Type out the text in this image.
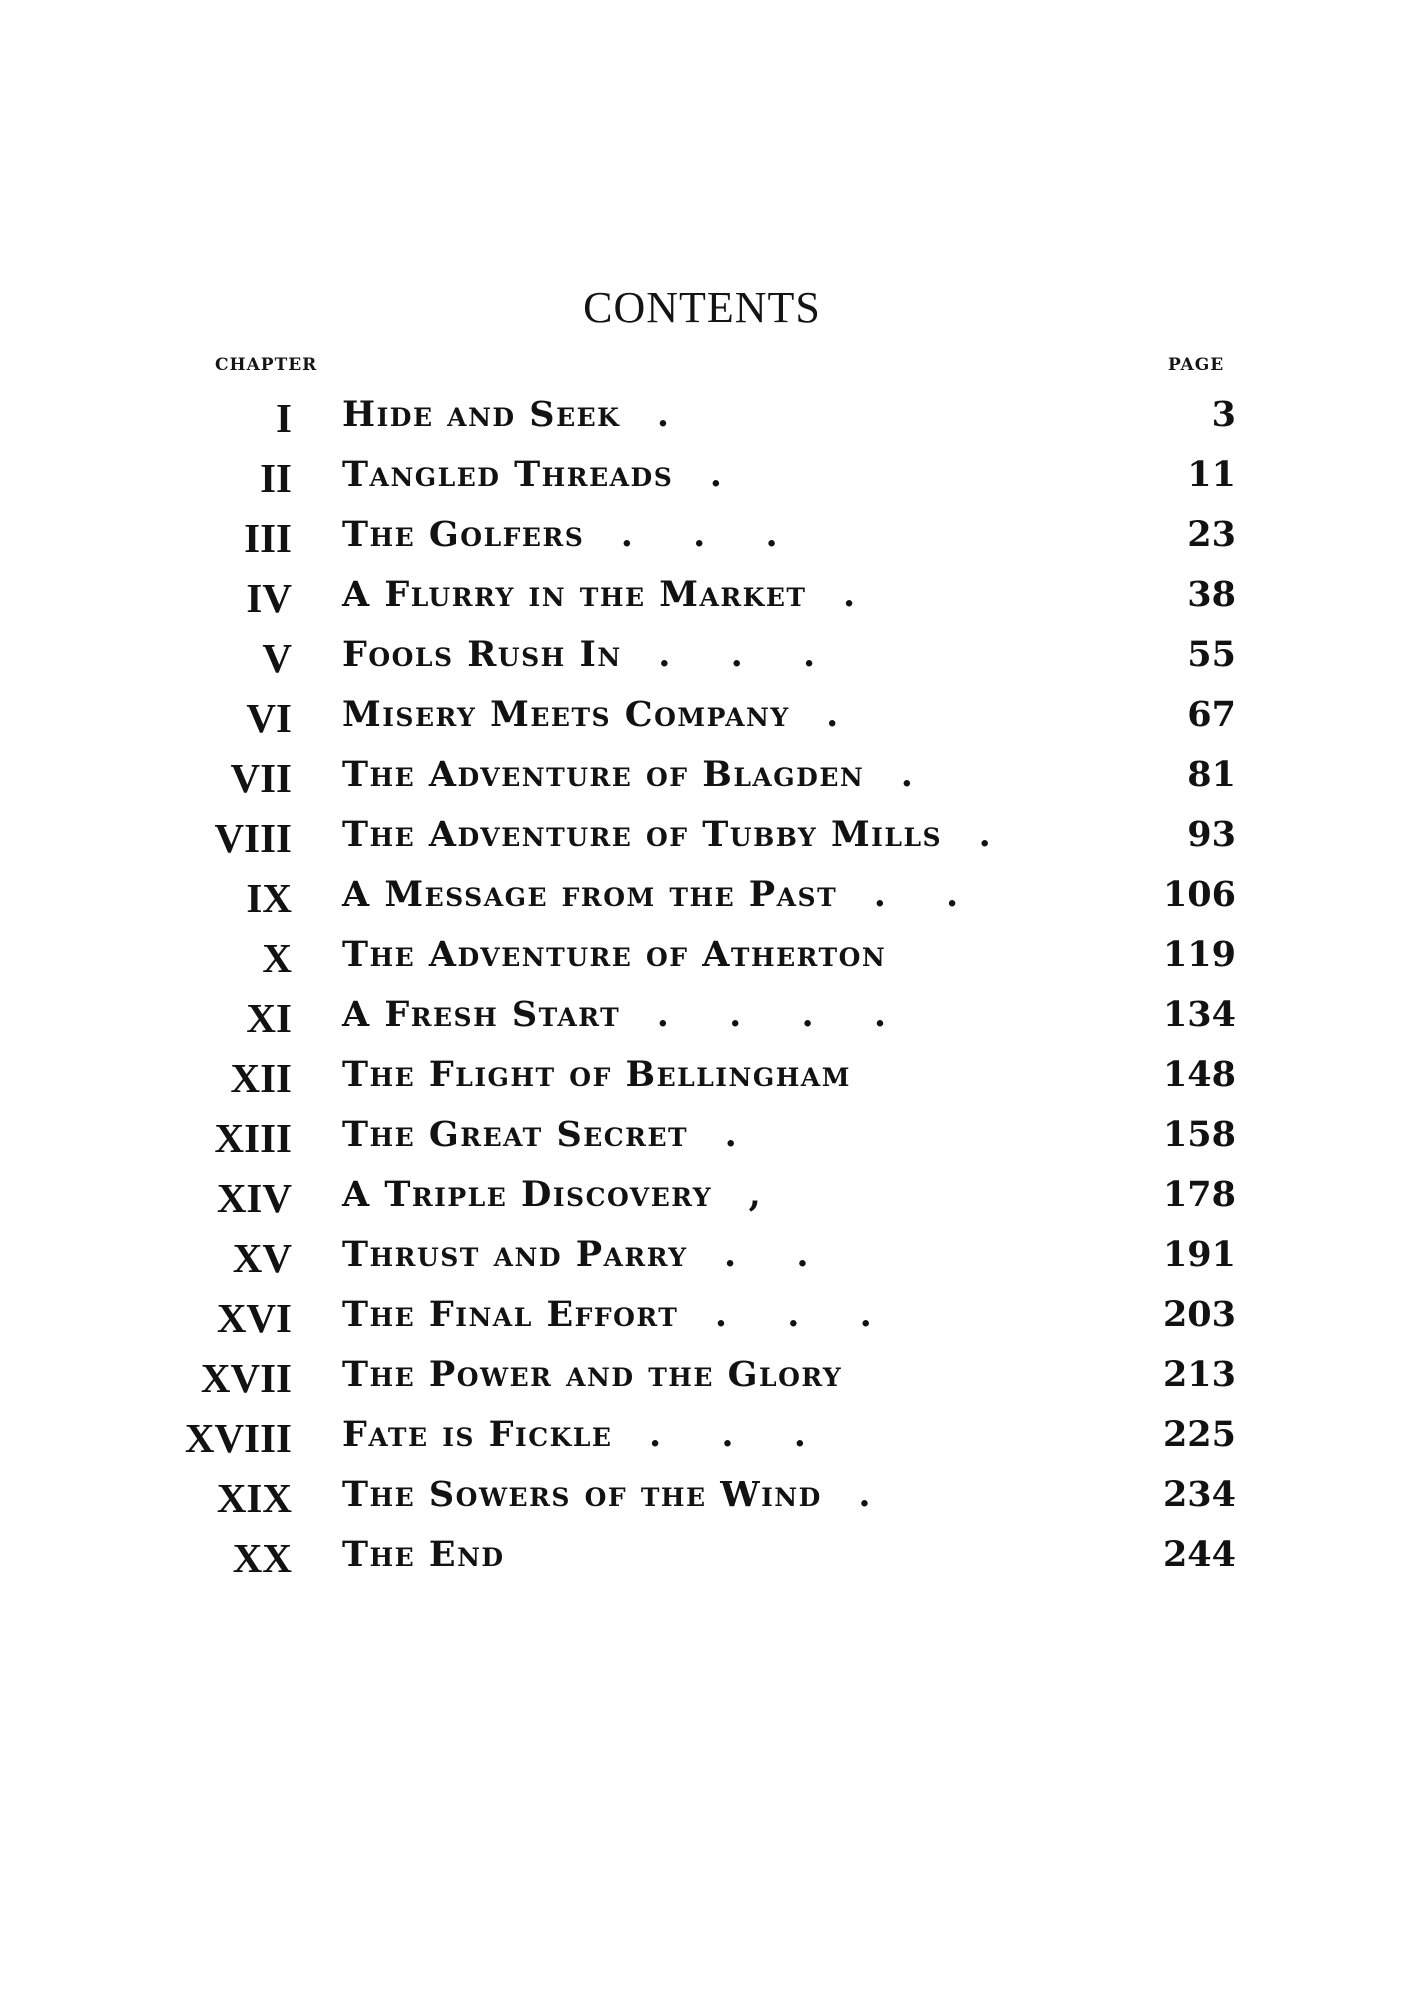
CONTENTS
CHAPTER	PAGE
I Hide and Seek  .	3
II Tangled Threads  .	11
III The Golfers  . . .	23
IV A Flurry in the Market  .	38
V Fools Rush In  . . .	55
VI Misery Meets Company  .	67
VII The Adventure of Blagden  .	81
VIII The Adventure of Tubby Mills  .	93
IX A Message from the Past  . .	106
X The Adventure of Atherton 	119
XI A Fresh Start  . . . .	134
XII The Flight of Bellingham 	148
XIII The Great Secret  .	158
XIV A Triple Discovery  ,	178
XV Thrust and Parry  . .	191
XVI The Final Effort  . . .	203
XVII The Power and the Glory 	213
XVIII Fate is Fickle  . . .	225
XIX The Sowers of the Wind  .	234
XX The End 	244
